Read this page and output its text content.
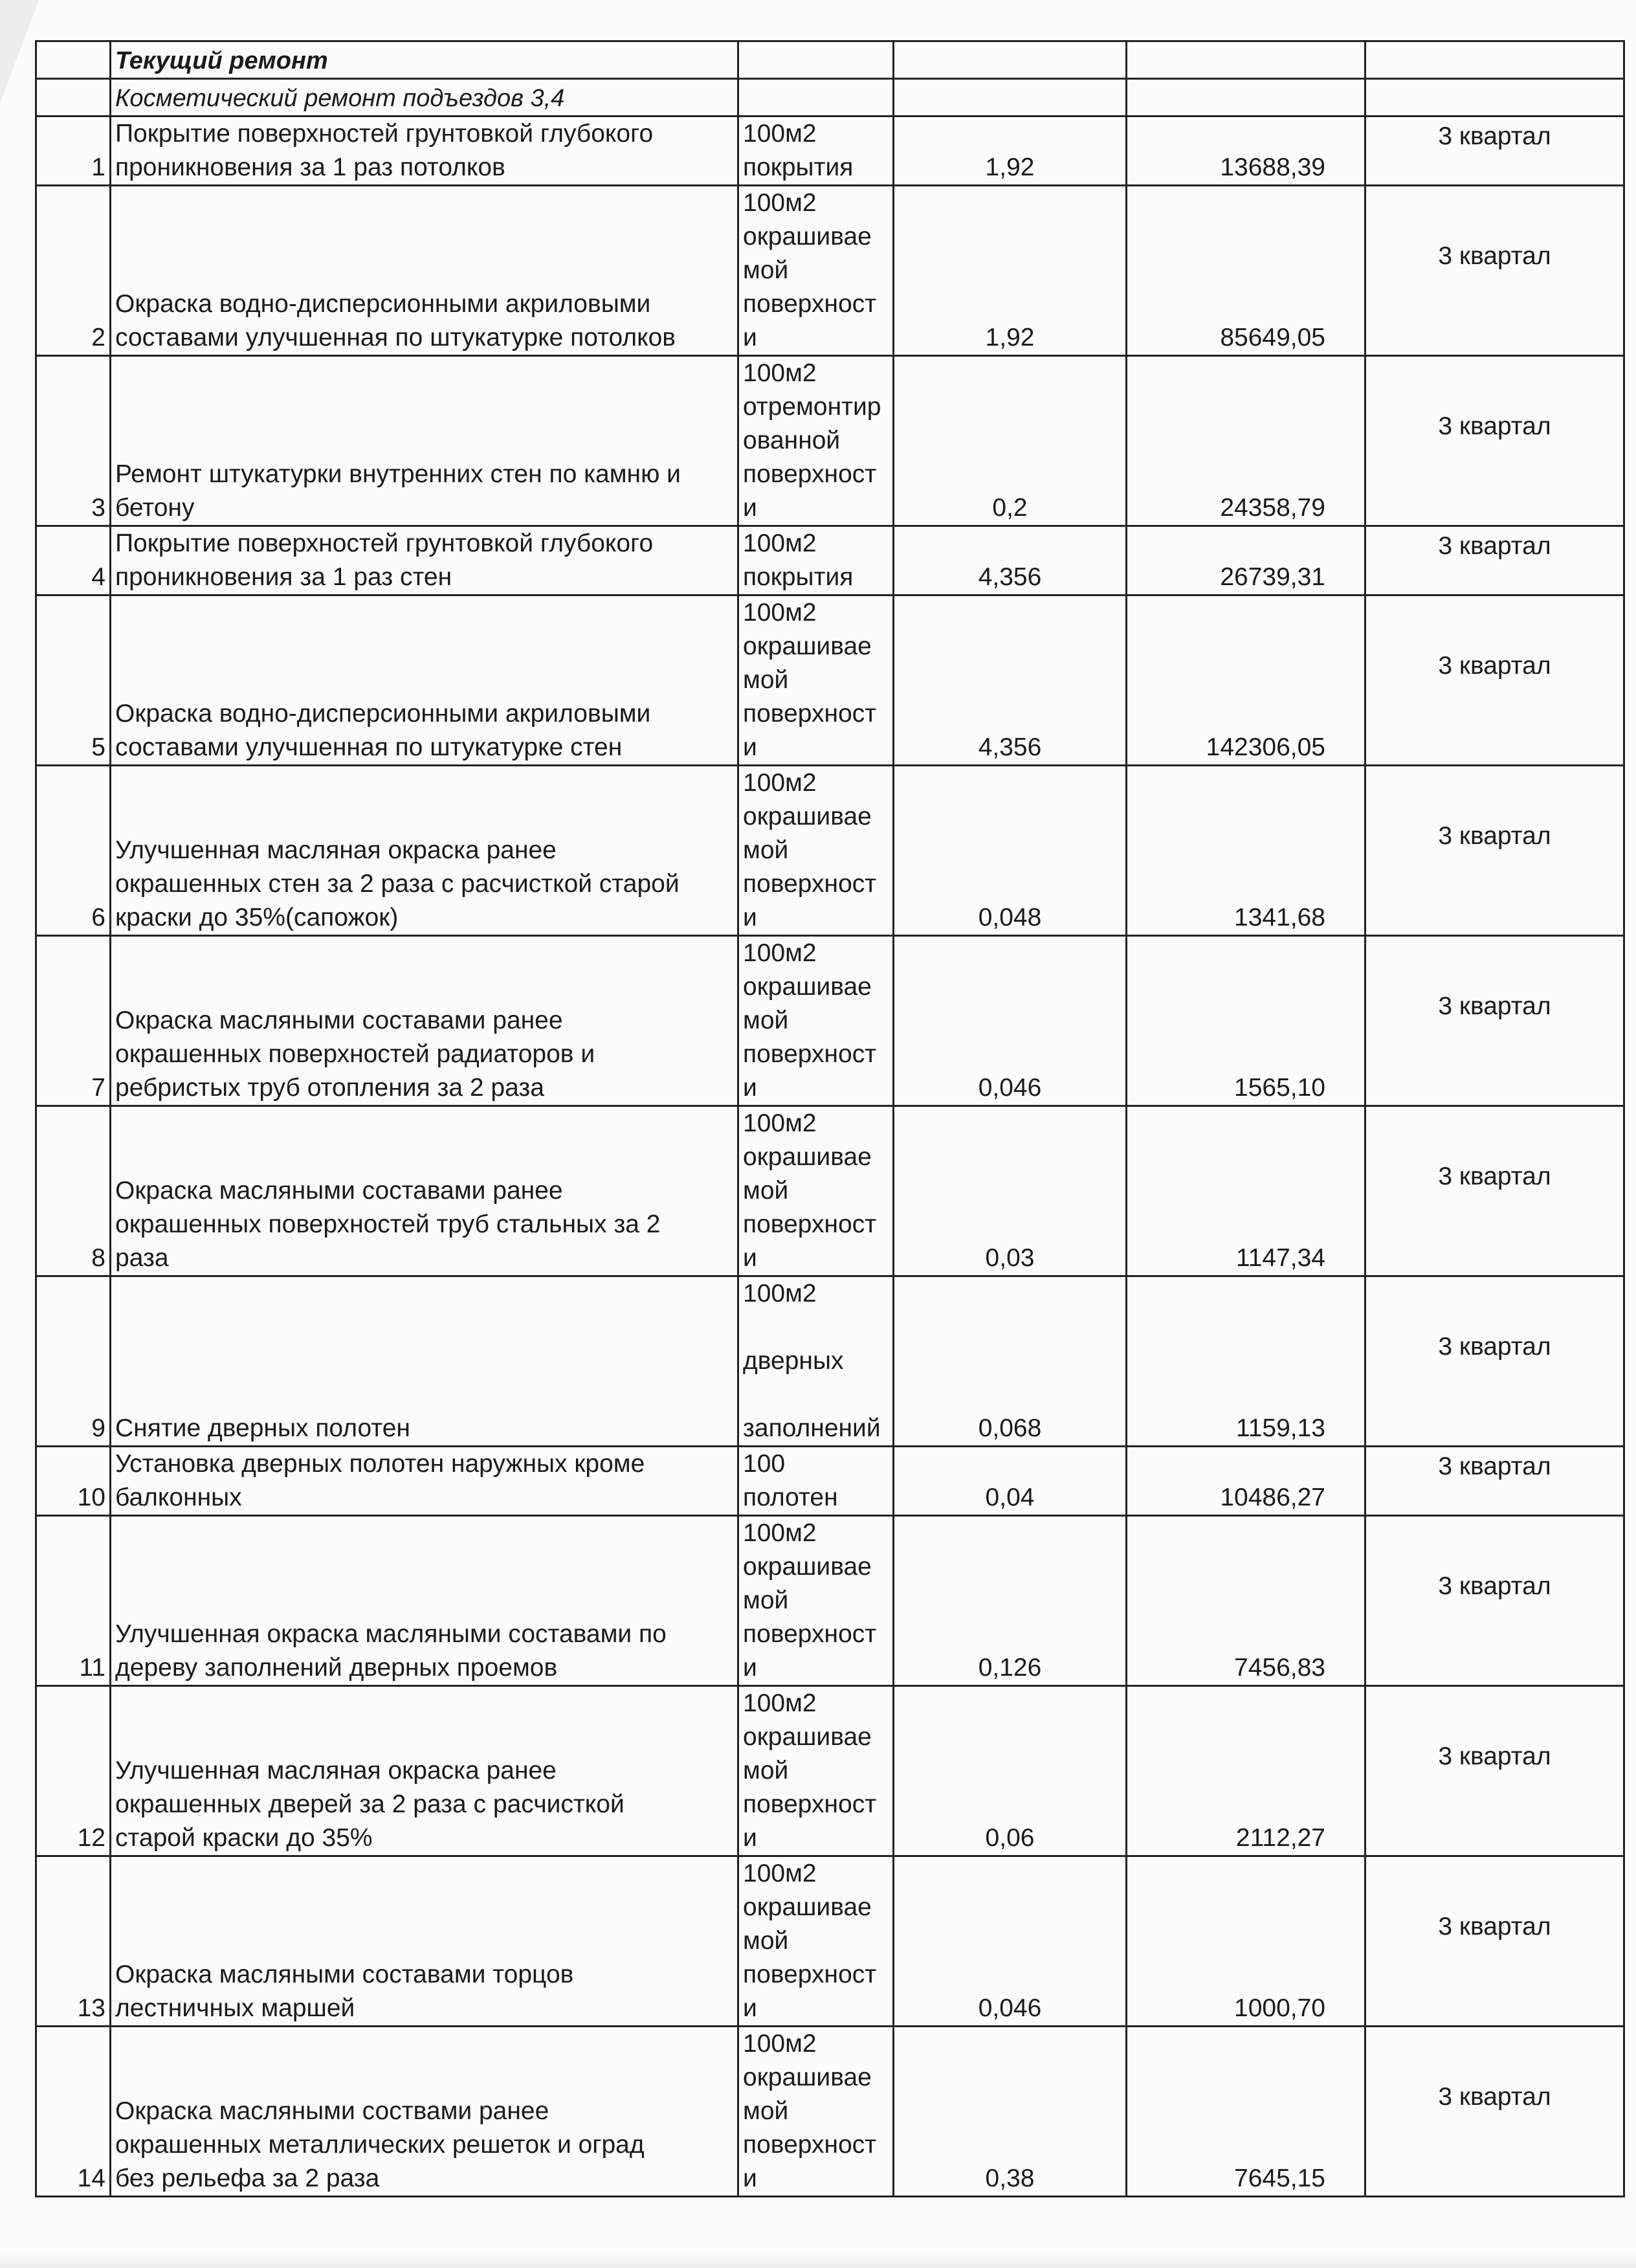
	Текущий ремонт				
	Косметический ремонт подъездов 3,4				
1	Покрытие поверхностей грунтовкой глубокого
проникновения за 1 раз потолков	100м2
покрытия	1,92	13688,39	3 квартал
2	Окраска водно-дисперсионными акриловыми
составами улучшенная по штукатурке потолков	100м2
окрашивае
мой
поверхност
и	1,92	85649,05	3 квартал
3	Ремонт штукатурки внутренних стен по камню и
бетону	100м2
отремонтир
ованной
поверхност
и	0,2	24358,79	3 квартал
4	Покрытие поверхностей грунтовкой глубокого
проникновения за 1 раз стен	100м2
покрытия	4,356	26739,31	3 квартал
5	Окраска водно-дисперсионными акриловыми
составами улучшенная по штукатурке стен	100м2
окрашивае
мой
поверхност
и	4,356	142306,05	3 квартал
6	Улучшенная масляная окраска ранее
окрашенных стен за 2 раза с расчисткой старой
краски до 35%(сапожок)	100м2
окрашивае
мой
поверхност
и	0,048	1341,68	3 квартал
7	Окраска масляными составами ранее
окрашенных поверхностей радиаторов и
ребристых труб отопления за 2 раза	100м2
окрашивае
мой
поверхност
и	0,046	1565,10	3 квартал
8	Окраска масляными составами ранее
окрашенных поверхностей труб стальных за 2
раза	100м2
окрашивае
мой
поверхност
и	0,03	1147,34	3 квартал
9	Снятие дверных полотен	100м2

дверных

заполнений	0,068	1159,13	3 квартал
10	Установка дверных полотен наружных кроме
балконных	100
полотен	0,04	10486,27	3 квартал
11	Улучшенная окраска масляными составами по
дереву заполнений дверных проемов	100м2
окрашивае
мой
поверхност
и	0,126	7456,83	3 квартал
12	Улучшенная масляная окраска ранее
окрашенных дверей за 2 раза с расчисткой
старой краски до 35%	100м2
окрашивае
мой
поверхност
и	0,06	2112,27	3 квартал
13	Окраска масляными составами торцов
лестничных маршей	100м2
окрашивае
мой
поверхност
и	0,046	1000,70	3 квартал
14	Окраска масляными соствами ранее
окрашенных металлических решеток и оград
без рельефа за 2 раза	100м2
окрашивае
мой
поверхност
и	0,38	7645,15	3 квартал
